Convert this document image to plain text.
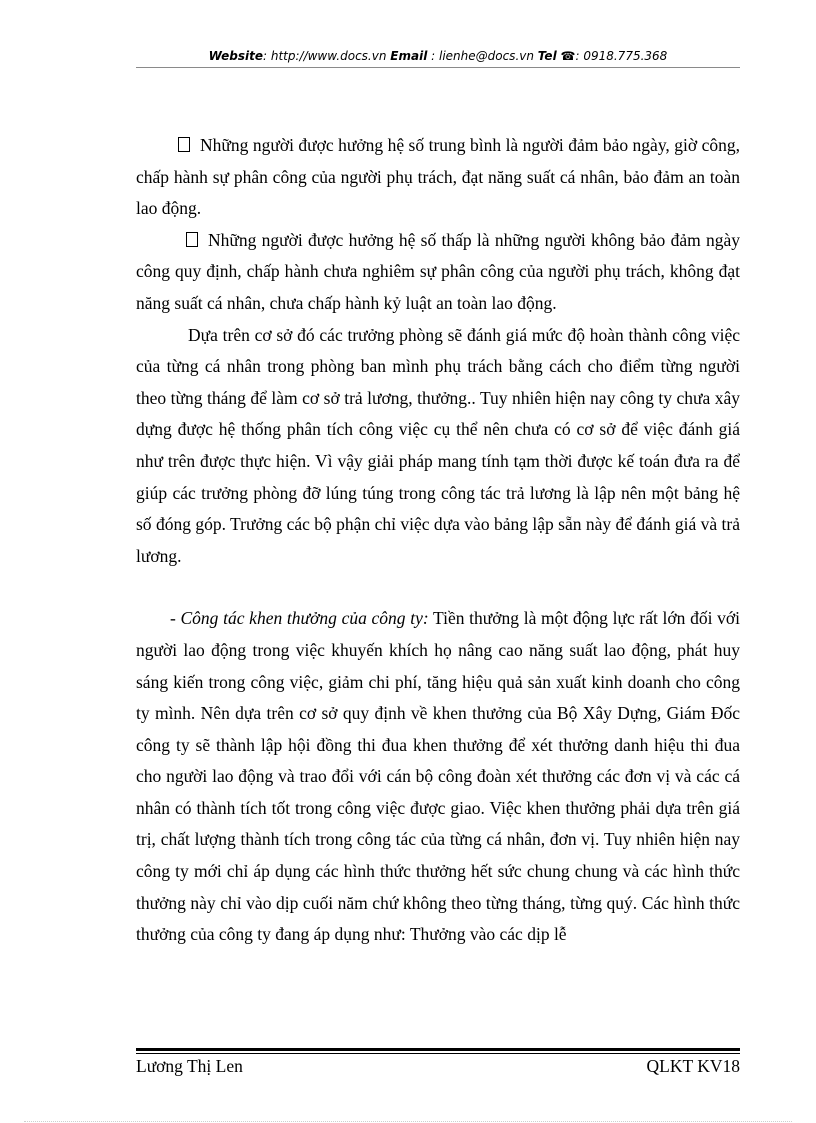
Website: http://www.docs.vn Email : lienhe@docs.vn Tel ☎: 0918.775.368

Những người được hưởng hệ số trung bình là người đảm bảo ngày, giờ công, chấp hành sự phân công của người phụ trách, đạt năng suất cá nhân, bảo đảm an toàn lao động.

Những người được hưởng hệ số thấp là những người không bảo đảm ngày công quy định, chấp hành chưa nghiêm sự phân công của người phụ trách, không đạt năng suất cá nhân, chưa chấp hành kỷ luật an toàn lao động.

Dựa trên cơ sở đó các trưởng phòng sẽ đánh giá mức độ hoàn thành công việc của từng cá nhân trong phòng ban mình phụ trách bằng cách cho điểm từng người theo từng tháng để làm cơ sở trả lương, thưởng.. Tuy nhiên hiện nay công ty chưa xây dựng được hệ thống phân tích công việc cụ thể nên chưa có cơ sở để việc đánh giá như trên được thực hiện. Vì vậy giải pháp mang tính tạm thời được kế toán đưa ra để giúp các trưởng phòng đỡ lúng túng trong công tác trả lương là lập nên một bảng hệ số đóng góp. Trưởng các bộ phận chỉ việc dựa vào bảng lập sẵn này để đánh giá và trả lương.

- Công tác khen thưởng của công ty: Tiền thưởng là một động lực rất lớn đối với người lao động trong việc khuyến khích họ nâng cao năng suất lao động, phát huy sáng kiến trong công việc, giảm chi phí, tăng hiệu quả sản xuất kinh doanh cho công ty mình. Nên dựa trên cơ sở quy định về khen thưởng của Bộ Xây Dựng, Giám Đốc công ty sẽ thành lập hội đồng thi đua khen thưởng để xét thưởng danh hiệu thi đua cho người lao động và trao đổi với cán bộ công đoàn xét thưởng các đơn vị và các cá nhân có thành tích tốt trong công việc được giao. Việc khen thưởng phải dựa trên giá trị, chất lượng thành tích trong công tác của từng cá nhân, đơn vị. Tuy nhiên hiện nay công ty mới chỉ áp dụng các hình thức thưởng hết sức chung chung và các hình thức thưởng này chỉ vào dịp cuối năm chứ không theo từng tháng, từng quý. Các hình thức thưởng của công ty đang áp dụng như: Thưởng vào các dịp lễ

Lương Thị Len	QLKT KV18
